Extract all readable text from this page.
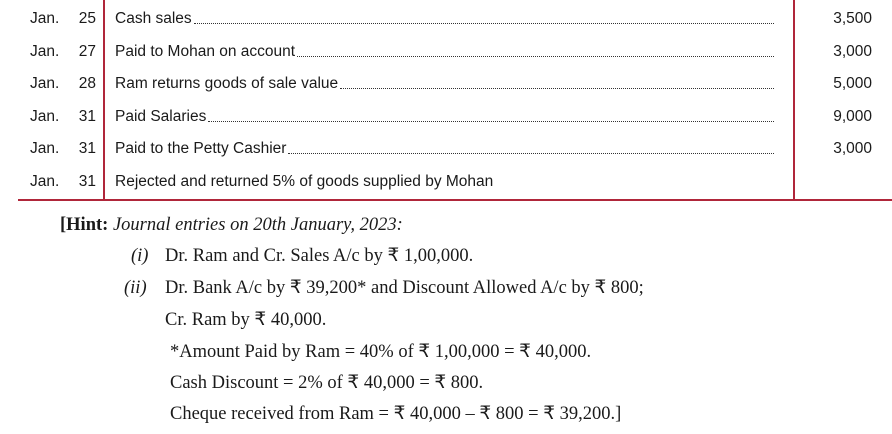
Jan.	25 Cash sales	3,500
Jan.	27 Paid to Mohan on account	3,000
Jan.	28 Ram returns goods of sale value	5,000
Jan.	31 Paid Salaries	9,000
Jan.	31 Paid to the Petty Cashier	3,000
Jan.	31 Rejected and returned 5% of goods supplied by Mohan
[Hint: Journal entries on 20th January, 2023:
(i) Dr. Ram and Cr. Sales A/c by ₹ 1,00,000.
(ii) Dr. Bank A/c by ₹ 39,200* and Discount Allowed A/c by ₹ 800;
Cr. Ram by ₹ 40,000.
*Amount Paid by Ram = 40% of ₹ 1,00,000 = ₹ 40,000.
Cash Discount = 2% of ₹ 40,000 = ₹ 800.
Cheque received from Ram = ₹ 40,000 – ₹ 800 = ₹ 39,200.]
